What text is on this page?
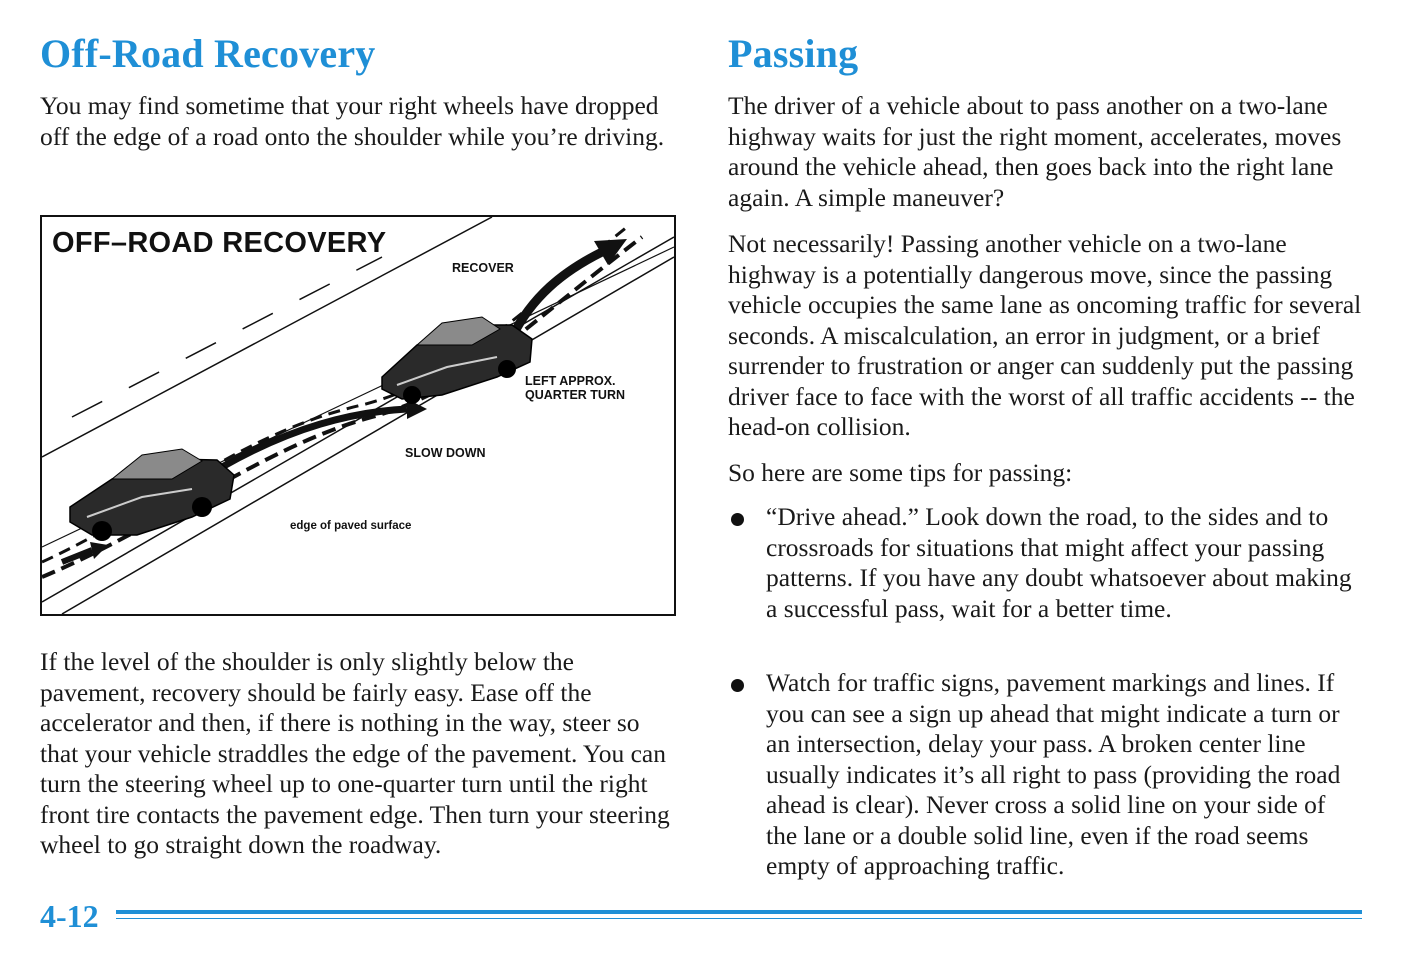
Off-Road Recovery

You may find sometime that your right wheels have dropped off the edge of a road onto the shoulder while you’re driving.

OFF–ROAD RECOVERY
RECOVER
LEFT APPROX.
QUARTER TURN
SLOW DOWN
edge of paved surface

If the level of the shoulder is only slightly below the pavement, recovery should be fairly easy. Ease off the accelerator and then, if there is nothing in the way, steer so that your vehicle straddles the edge of the pavement. You can turn the steering wheel up to one-quarter turn until the right front tire contacts the pavement edge. Then turn your steering wheel to go straight down the roadway.

Passing

The driver of a vehicle about to pass another on a two-lane highway waits for just the right moment, accelerates, moves around the vehicle ahead, then goes back into the right lane again. A simple maneuver?

Not necessarily! Passing another vehicle on a two-lane highway is a potentially dangerous move, since the passing vehicle occupies the same lane as oncoming traffic for several seconds. A miscalculation, an error in judgment, or a brief surrender to frustration or anger can suddenly put the passing driver face to face with the worst of all traffic accidents -- the head-on collision.

So here are some tips for passing:

“Drive ahead.” Look down the road, to the sides and to crossroads for situations that might affect your passing patterns. If you have any doubt whatsoever about making a successful pass, wait for a better time.

Watch for traffic signs, pavement markings and lines. If you can see a sign up ahead that might indicate a turn or an intersection, delay your pass. A broken center line usually indicates it’s all right to pass (providing the road ahead is clear). Never cross a solid line on your side of the lane or a double solid line, even if the road seems empty of approaching traffic.

4-12
